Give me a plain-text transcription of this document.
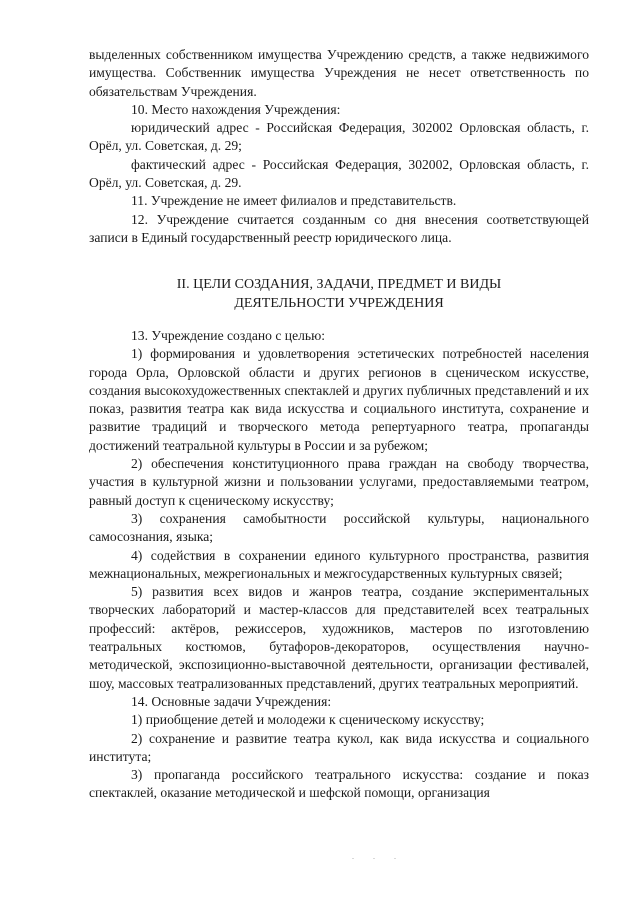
выделенных собственником имущества Учреждению средств, а также недвижимого имущества. Собственник имущества Учреждения не несет ответственность по обязательствам Учреждения.

10. Место нахождения Учреждения:

юридический адрес - Российская Федерация, 302002 Орловская область, г. Орёл, ул. Советская, д. 29;

фактический адрес - Российская Федерация, 302002, Орловская область, г. Орёл, ул. Советская, д. 29.

11. Учреждение не имеет филиалов и представительств.

12. Учреждение считается созданным со дня внесения соответствующей записи в Единый государственный реестр юридического лица.

II. ЦЕЛИ СОЗДАНИЯ, ЗАДАЧИ, ПРЕДМЕТ И ВИДЫ
ДЕЯТЕЛЬНОСТИ УЧРЕЖДЕНИЯ

13. Учреждение создано с целью:

1) формирования и удовлетворения эстетических потребностей населения города Орла, Орловской области и других регионов в сценическом искусстве, создания высокохудожественных спектаклей и других публичных представлений и их показ, развития театра как вида искусства и социального института, сохранение и развитие традиций и творческого метода репертуарного театра, пропаганды достижений театральной культуры в России и за рубежом;

2) обеспечения конституционного права граждан на свободу творчества, участия в культурной жизни и пользовании услугами, предоставляемыми театром, равный доступ к сценическому искусству;

3) сохранения самобытности российской культуры, национального самосознания, языка;

4) содействия в сохранении единого культурного пространства, развития межнациональных, межрегиональных и межгосударственных культурных связей;

5) развития всех видов и жанров театра, создание экспериментальных творческих лабораторий и мастер-классов для представителей всех театральных профессий: актёров, режиссеров, художников, мастеров по изготовлению театральных костюмов, бутафоров-декораторов, осуществления научно-методической, экспозиционно-выставочной деятельности, организации фестивалей, шоу, массовых театрализованных представлений, других театральных мероприятий.

14. Основные задачи Учреждения:

1) приобщение детей и молодежи к сценическому искусству;

2) сохранение и развитие театра кукол, как вида искусства и социального института;

3) пропаганда российского театрального искусства: создание и показ спектаклей, оказание методической и шефской помощи, организация
